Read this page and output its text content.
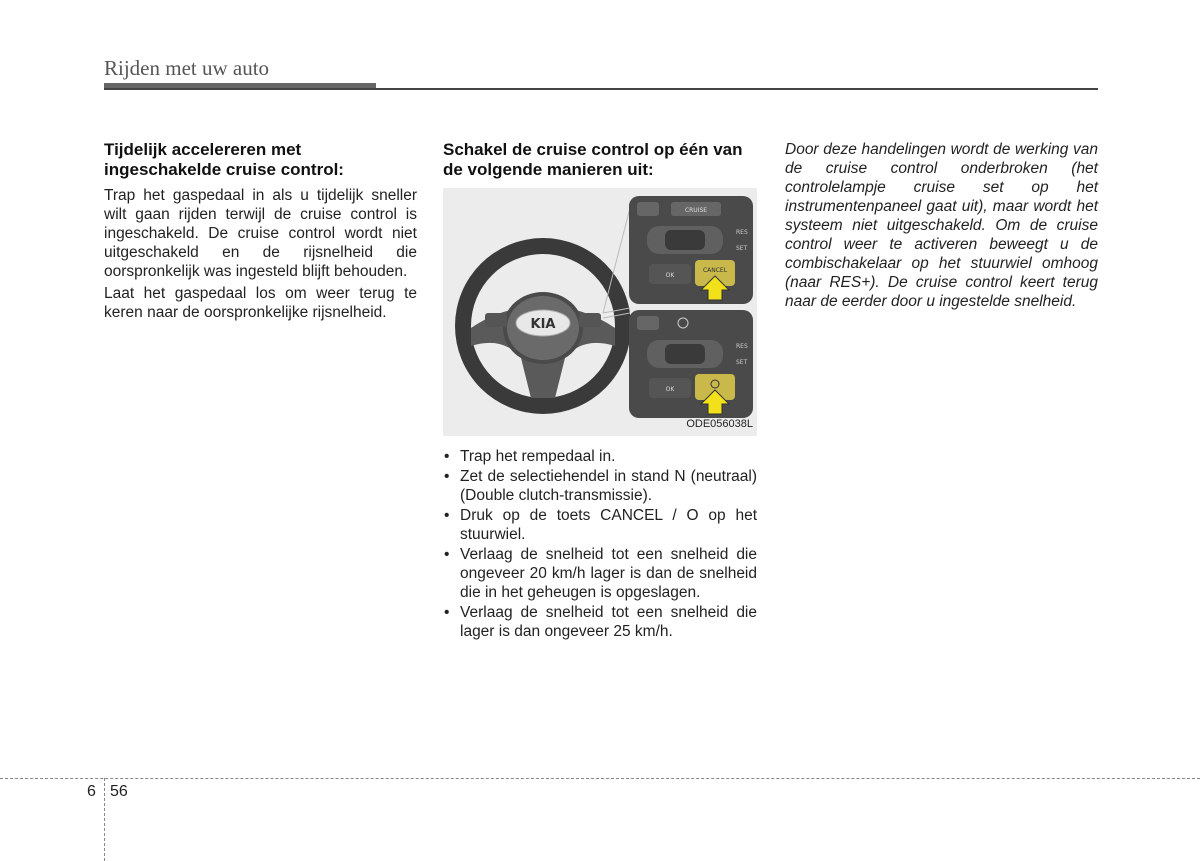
Rijden met uw auto

Tijdelijk accelereren met ingeschakelde cruise control:

Trap het gaspedaal in als u tijdelijk sneller wilt gaan rijden terwijl de cruise control is ingeschakeld. De cruise control wordt niet uitgeschakeld en de rijsnelheid die oorspronkelijk was ingesteld blijft behouden.

Laat het gaspedaal los om weer terug te keren naar de oorspronkelijke rijsnelheid.

Schakel de cruise control op één van de volgende manieren uit:

KIA
CRUISE
RES
SET
OK
CANCEL
RES
SET
OK
ODE056038L
• Trap het rempedaal in.
• Zet de selectiehendel in stand N (neutraal) (Double clutch-transmissie).
• Druk op de toets CANCEL / O op het stuurwiel.
• Verlaag de snelheid tot een snelheid die ongeveer 20 km/h lager is dan de snelheid die in het geheugen is opgeslagen.
• Verlaag de snelheid tot een snelheid die lager is dan ongeveer 25 km/h.

Door deze handelingen wordt de werking van de cruise control onderbroken (het controlelampje cruise set op het instrumentenpaneel gaat uit), maar wordt het systeem niet uitgeschakeld. Om de cruise control weer te activeren beweegt u de combischakelaar op het stuurwiel omhoog (naar RES+). De cruise control keert terug naar de eerder door u ingestelde snelheid.

6 56
